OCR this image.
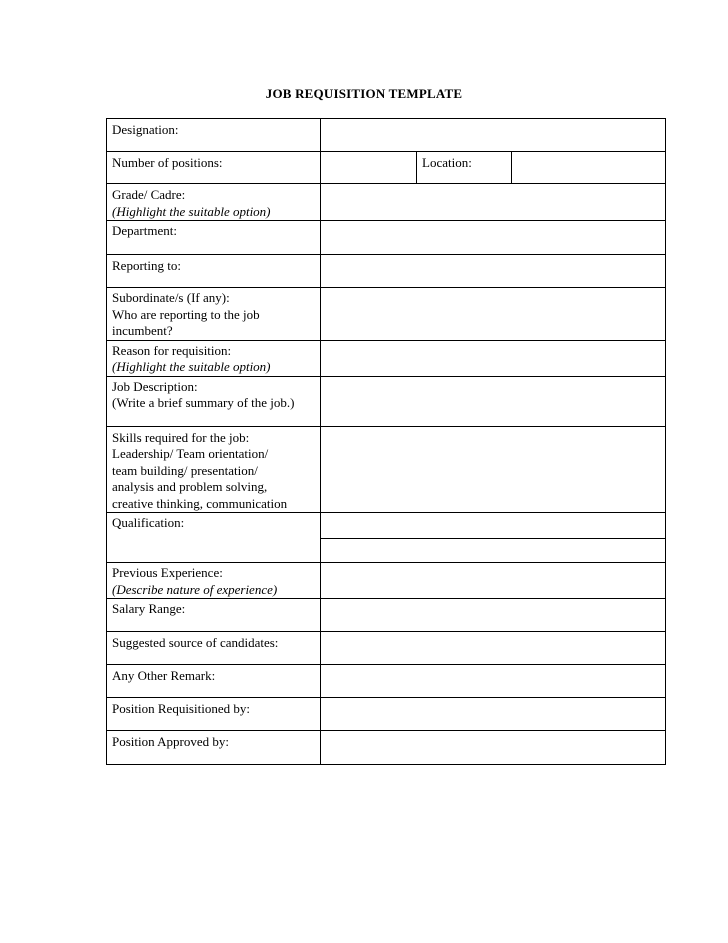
JOB REQUISITION TEMPLATE
Designation:			
Number of positions:		Location:	

Grade/ Cadre:
(Highlight the suitable option)			

Department:			
Reporting to:			

Subordinate/s (If any):
Who are reporting to the job
incumbent?			

Reason for requisition:
(Highlight the suitable option)			

Job Description:
(Write a brief summary of the job.)			

Skills required for the job:
Leadership/ Team orientation/
team building/ presentation/
analysis and problem solving,
creative thinking, communication			

Qualification:			

Previous Experience:
(Describe nature of experience)			

Salary Range:			
Suggested source of candidates:			
Any Other Remark:			
Position Requisitioned by:			
Position Approved by:			
